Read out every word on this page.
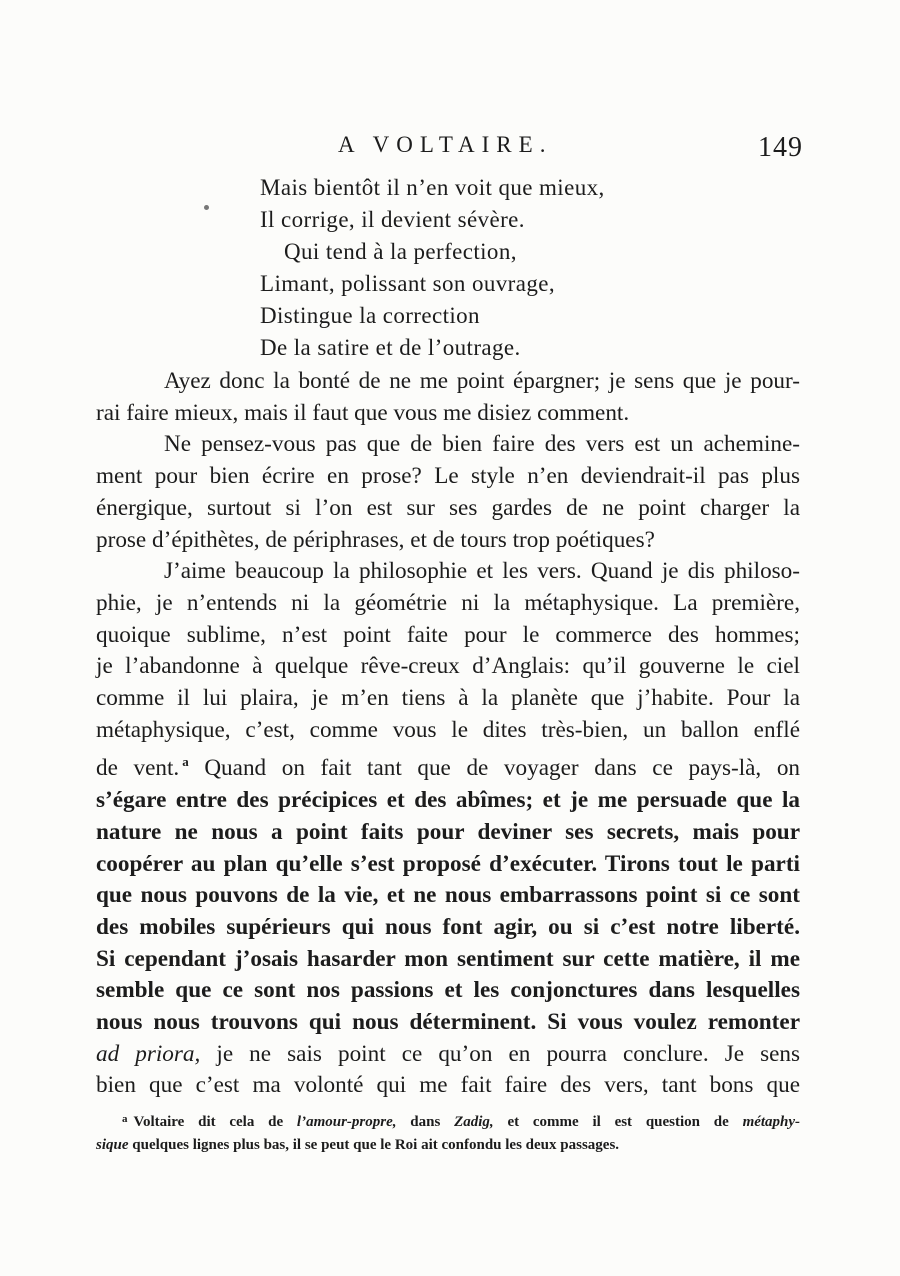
A VOLTAIRE.	149
Mais bientôt il n’en voit que mieux,
Il corrige, il devient sévère.
Qui tend à la perfection,
Limant, polissant son ouvrage,
Distingue la correction
De la satire et de l’outrage.
Ayez donc la bonté de ne me point épargner; je sens que je pour-
rai faire mieux, mais il faut que vous me disiez comment.
Ne pensez-vous pas que de bien faire des vers est un achemine-
ment pour bien écrire en prose? Le style n’en deviendrait-il pas plus
énergique, surtout si l’on est sur ses gardes de ne point charger la
prose d’épithètes, de périphrases, et de tours trop poétiques?
J’aime beaucoup la philosophie et les vers. Quand je dis philoso-
phie, je n’entends ni la géométrie ni la métaphysique. La première,
quoique sublime, n’est point faite pour le commerce des hommes;
je l’abandonne à quelque rêve-creux d’Anglais: qu’il gouverne le ciel
comme il lui plaira, je m’en tiens à la planète que j’habite. Pour la
métaphysique, c’est, comme vous le dites très-bien, un ballon enflé
de vent. $^a$ Quand on fait tant que de voyager dans ce pays-là, on
s’égare entre des précipices et des abîmes; et je me persuade que la
nature ne nous a point faits pour deviner ses secrets, mais pour
coopérer au plan qu’elle s’est proposé d’exécuter. Tirons tout le parti
que nous pouvons de la vie, et ne nous embarrassons point si ce sont
des mobiles supérieurs qui nous font agir, ou si c’est notre liberté.
Si cependant j’osais hasarder mon sentiment sur cette matière, il me
semble que ce sont nos passions et les conjonctures dans lesquelles
nous nous trouvons qui nous déterminent. Si vous voulez remonter
ad priora, je ne sais point ce qu’on en pourra conclure. Je sens
bien que c’est ma volonté qui me fait faire des vers, tant bons que
$^a$ Voltaire dit cela de l’amour-propre, dans Zadig, et comme il est question de métaphy-
sique quelques lignes plus bas, il se peut que le Roi ait confondu les deux passages.
